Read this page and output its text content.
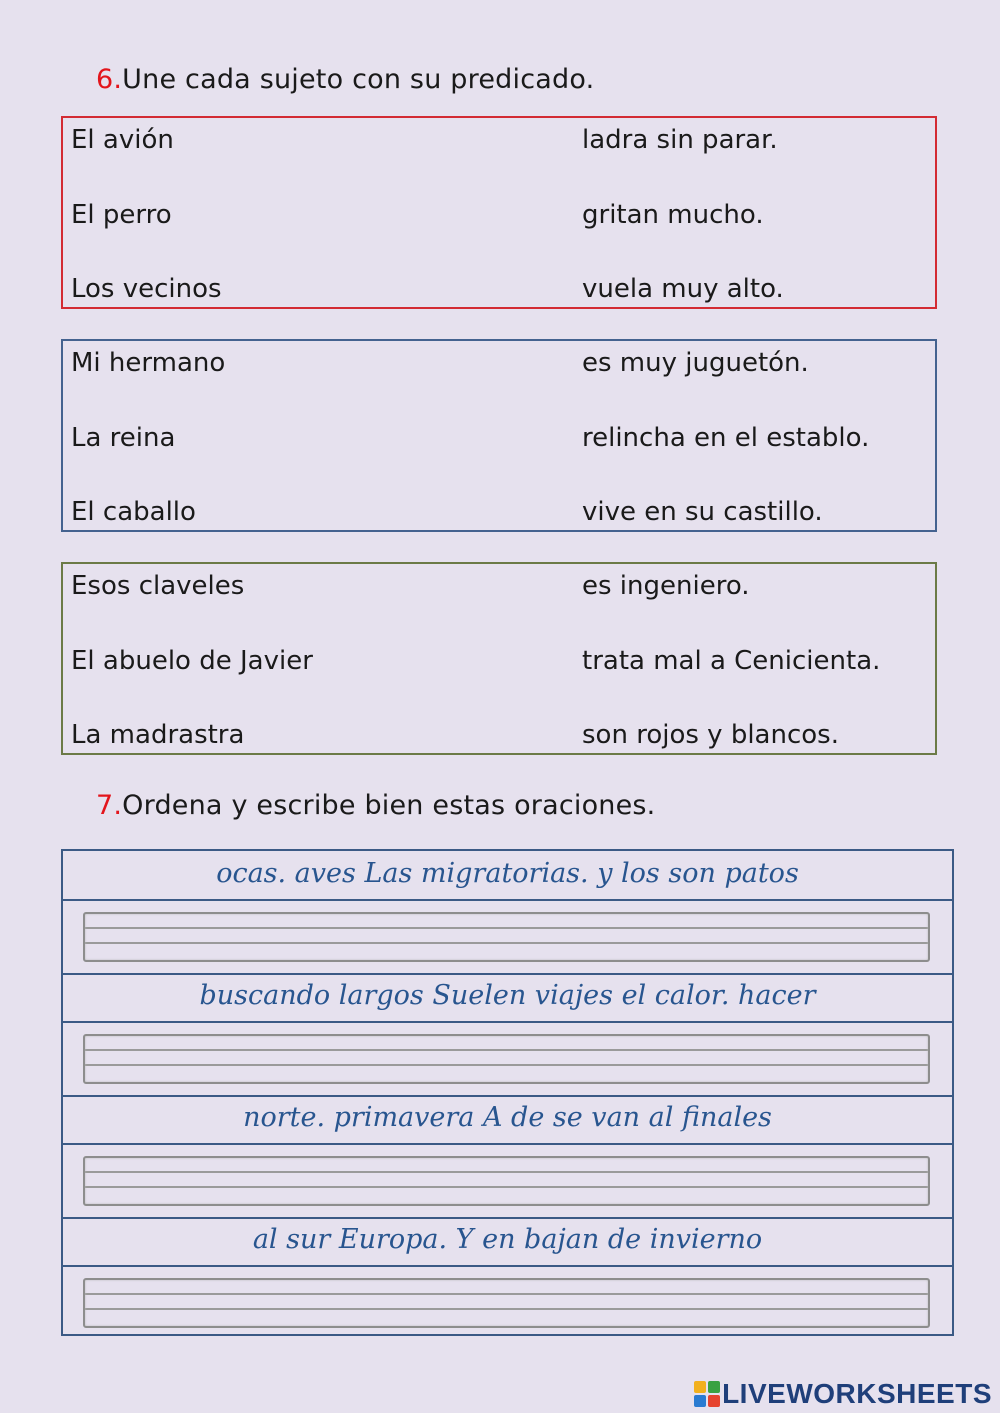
6.Une cada sujeto con su predicado.
El avión	ladra sin parar.
El perro	gritan mucho.
Los vecinos	vuela muy alto.
Mi hermano	es muy juguetón.
La reina	relincha en el establo.
El caballo	vive en su castillo.
Esos claveles	es ingeniero.
El abuelo de Javier	trata mal a Cenicienta.
La madrastra	son rojos y blancos.
7.Ordena y escribe bien estas oraciones.
ocas. aves Las migratorias. y los son patos
buscando largos Suelen viajes el calor. hacer
norte. primavera A de se van al finales
al sur Europa. Y en bajan de invierno
LIVEWORKSHEETS
